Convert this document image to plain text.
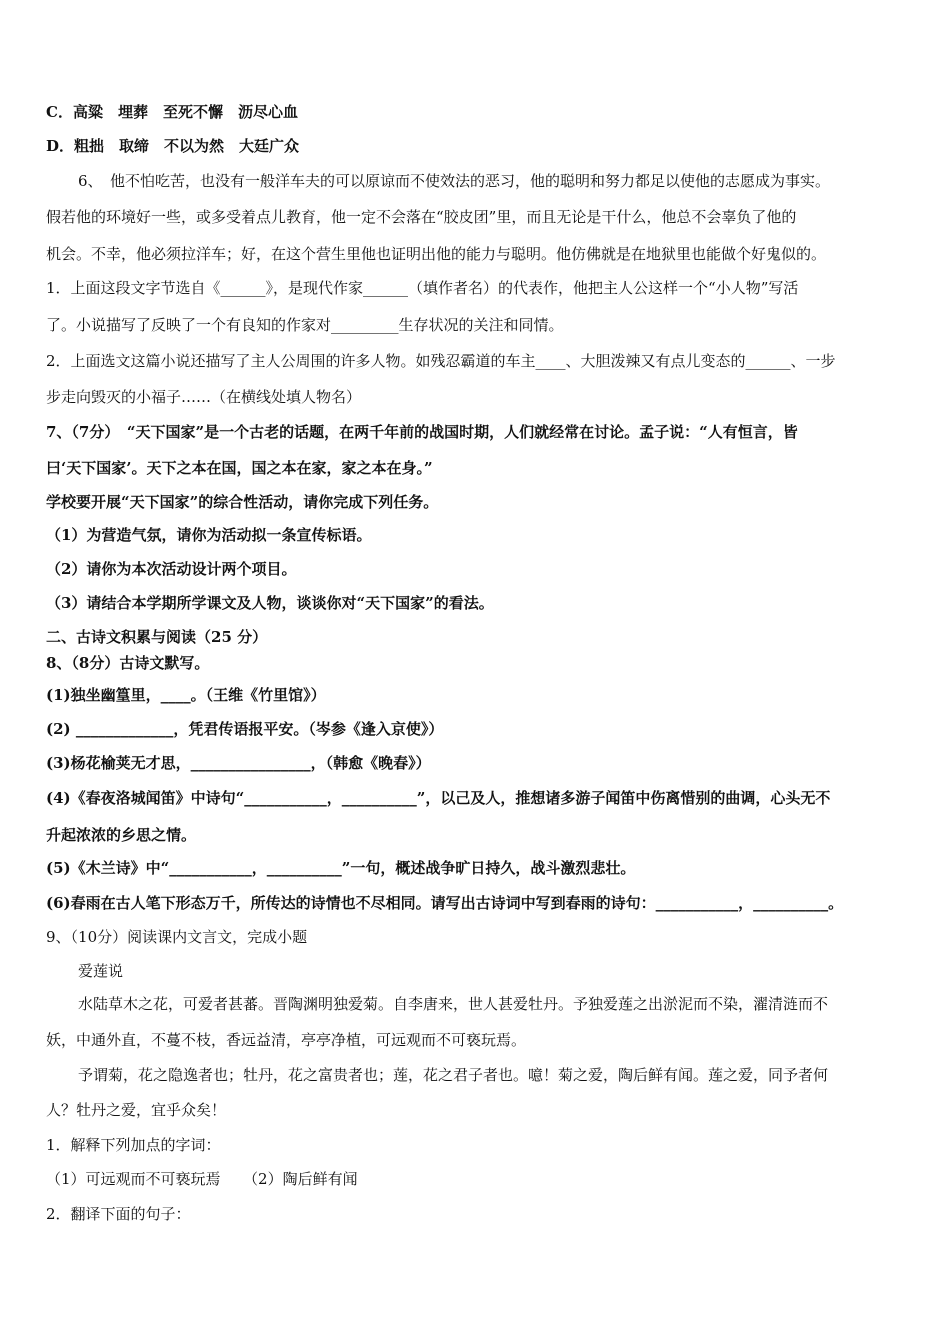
C．高粱　埋葬　至死不懈　沥尽心血
D．粗拙　取缔　不以为然　大廷广众
6、　他不怕吃苦，也没有一般洋车夫的可以原谅而不使效法的恶习，他的聪明和努力都足以使他的志愿成为事实。
假若他的环境好一些，或多受着点儿教育，他一定不会落在“胶皮团”里，而且无论是干什么，他总不会辜负了他的
机会。不幸，他必须拉洋车；好，在这个营生里他也证明出他的能力与聪明。他仿佛就是在地狱里也能做个好鬼似的。
1．上面这段文字节选自《______》，是现代作家______（填作者名）的代表作，他把主人公这样一个“小人物”写活
了。小说描写了反映了一个有良知的作家对_________生存状况的关注和同情。
2．上面选文这篇小说还描写了主人公周围的许多人物。如残忍霸道的车主____、大胆泼辣又有点儿变态的______、一步
步走向毁灭的小福子……（在横线处填人物名）
7、（7分）　“天下国家”是一个古老的话题，在两千年前的战国时期，人们就经常在讨论。孟子说：“人有恒言，皆
曰‘天下国家’。天下之本在国，国之本在家，家之本在身。”
学校要开展“天下国家”的综合性活动，请你完成下列任务。
（1）为营造气氛，请你为活动拟一条宣传标语。
（2）请你为本次活动设计两个项目。
（3）请结合本学期所学课文及人物，谈谈你对“天下国家”的看法。
二、古诗文积累与阅读（25 分）
8、（8分）古诗文默写。
(1)独坐幽篁里，____。（王维《竹里馆》）
(2) _____________，凭君传语报平安。（岑参《逢入京使》）
(3)杨花榆荚无才思，________________，（韩愈《晚春》）
(4)《春夜洛城闻笛》中诗句“___________，__________”，以己及人，推想诸多游子闻笛中伤离惜别的曲调，心头无不
升起浓浓的乡思之情。
(5)《木兰诗》中“___________，__________”一句，概述战争旷日持久，战斗激烈悲壮。
(6)春雨在古人笔下形态万千，所传达的诗情也不尽相同。请写出古诗词中写到春雨的诗句：___________，__________。
9、（10分）阅读课内文言文，完成小题
爱莲说
水陆草木之花，可爱者甚蕃。晋陶渊明独爱菊。自李唐来，世人甚爱牡丹。予独爱莲之出淤泥而不染，濯清涟而不
妖，中通外直，不蔓不枝，香远益清，亭亭净植，可远观而不可亵玩焉。
予谓菊，花之隐逸者也；牡丹，花之富贵者也；莲，花之君子者也。噫！菊之爱，陶后鲜有闻。莲之爱，同予者何
人？牡丹之爱，宜乎众矣！
1．解释下列加点的字词：
（1）可远观而不可亵玩焉　　（2）陶后鲜有闻
2．翻译下面的句子：
